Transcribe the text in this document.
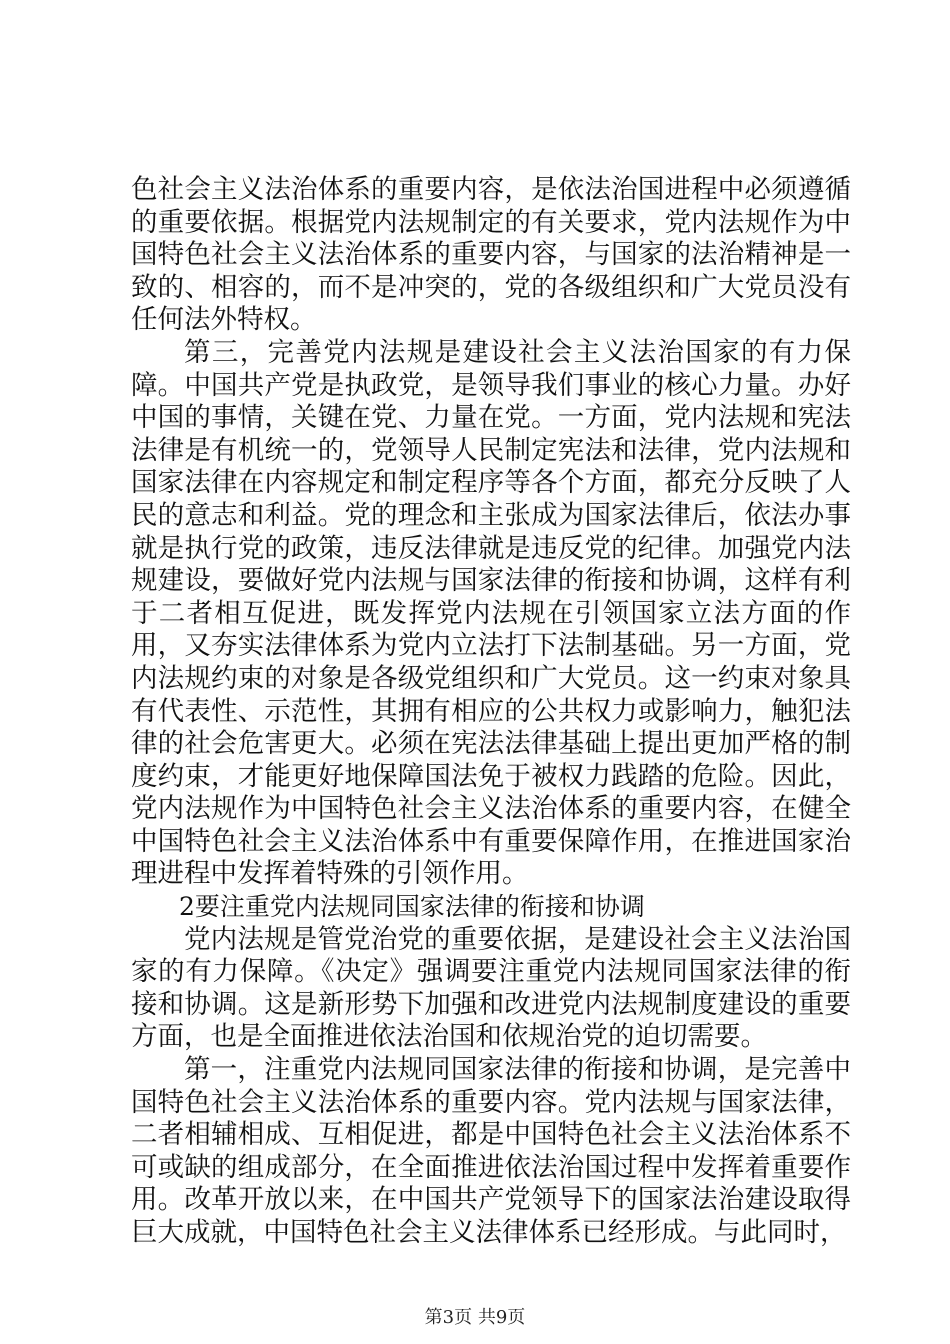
色社会主义法治体系的重要内容，是依法治国进程中必须遵循的重要依据。根据党内法规制定的有关要求，党内法规作为中国特色社会主义法治体系的重要内容，与国家的法治精神是一致的、相容的，而不是冲突的，党的各级组织和广大党员没有任何法外特权。

第三，完善党内法规是建设社会主义法治国家的有力保障。中国共产党是执政党，是领导我们事业的核心力量。办好中国的事情，关键在党、力量在党。一方面，党内法规和宪法法律是有机统一的，党领导人民制定宪法和法律，党内法规和国家法律在内容规定和制定程序等各个方面，都充分反映了人民的意志和利益。党的理念和主张成为国家法律后，依法办事就是执行党的政策，违反法律就是违反党的纪律。加强党内法规建设，要做好党内法规与国家法律的衔接和协调，这样有利于二者相互促进，既发挥党内法规在引领国家立法方面的作用，又夯实法律体系为党内立法打下法制基础。另一方面，党内法规约束的对象是各级党组织和广大党员。这一约束对象具有代表性、示范性，其拥有相应的公共权力或影响力，触犯法律的社会危害更大。必须在宪法法律基础上提出更加严格的制度约束，才能更好地保障国法免于被权力践踏的危险。因此，党内法规作为中国特色社会主义法治体系的重要内容，在健全中国特色社会主义法治体系中有重要保障作用，在推进国家治理进程中发挥着特殊的引领作用。

2要注重党内法规同国家法律的衔接和协调

党内法规是管党治党的重要依据，是建设社会主义法治国家的有力保障。《决定》强调要注重党内法规同国家法律的衔接和协调。这是新形势下加强和改进党内法规制度建设的重要方面，也是全面推进依法治国和依规治党的迫切需要。

第一，注重党内法规同国家法律的衔接和协调，是完善中国特色社会主义法治体系的重要内容。党内法规与国家法律，二者相辅相成、互相促进，都是中国特色社会主义法治体系不可或缺的组成部分，在全面推进依法治国过程中发挥着重要作用。改革开放以来，在中国共产党领导下的国家法治建设取得巨大成就，中国特色社会主义法律体系已经形成。与此同时，

第3页 共9页
